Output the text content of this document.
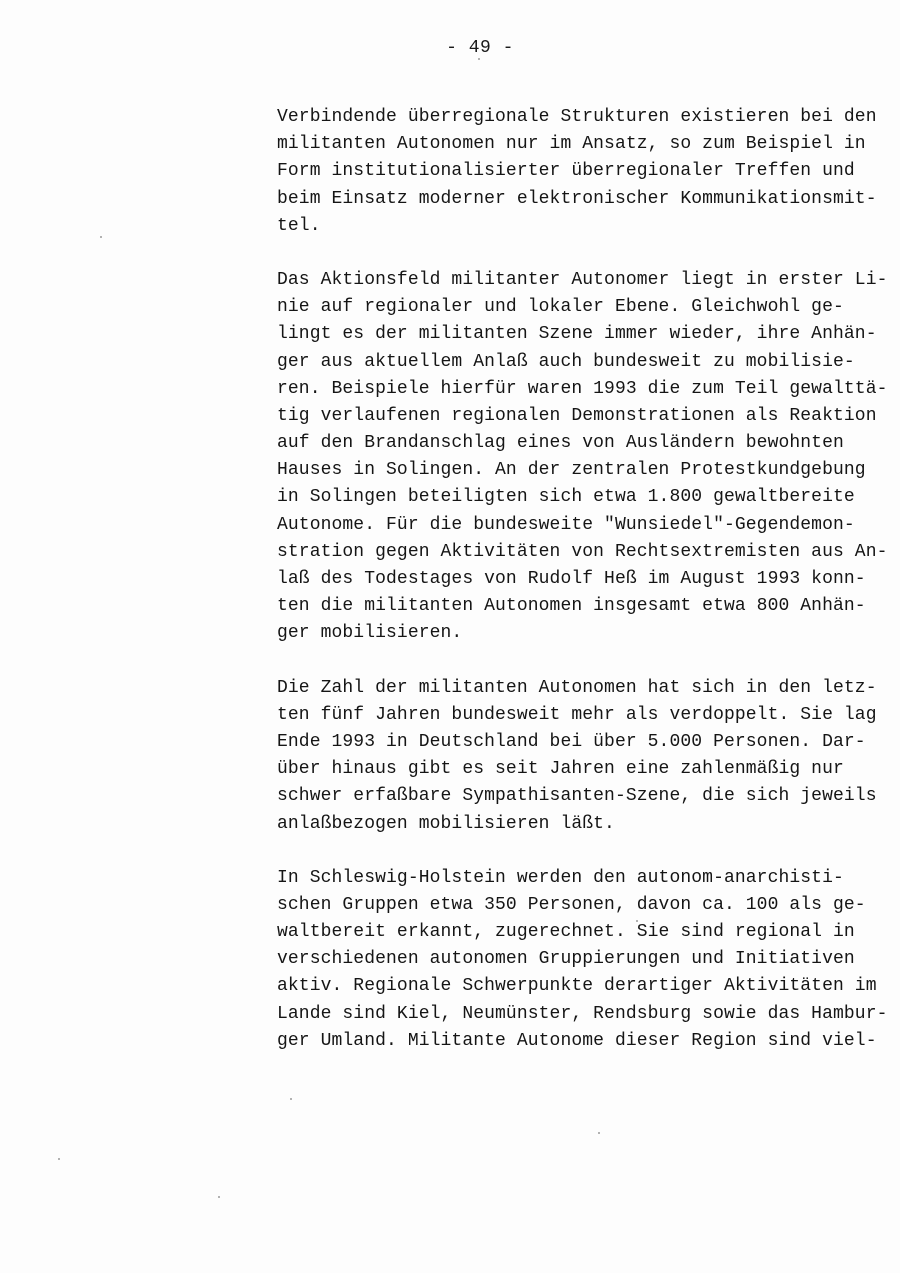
- 49 -
Verbindende überregionale Strukturen existieren bei den
militanten Autonomen nur im Ansatz, so zum Beispiel in
Form institutionalisierter überregionaler Treffen und
beim Einsatz moderner elektronischer Kommunikationsmit-
tel.
Das Aktionsfeld militanter Autonomer liegt in erster Li-
nie auf regionaler und lokaler Ebene. Gleichwohl ge-
lingt es der militanten Szene immer wieder, ihre Anhän-
ger aus aktuellem Anlaß auch bundesweit zu mobilisie-
ren. Beispiele hierfür waren 1993 die zum Teil gewalttä-
tig verlaufenen regionalen Demonstrationen als Reaktion
auf den Brandanschlag eines von Ausländern bewohnten
Hauses in Solingen. An der zentralen Protestkundgebung
in Solingen beteiligten sich etwa 1.800 gewaltbereite
Autonome. Für die bundesweite "Wunsiedel"-Gegendemon-
stration gegen Aktivitäten von Rechtsextremisten aus An-
laß des Todestages von Rudolf Heß im August 1993 konn-
ten die militanten Autonomen insgesamt etwa 800 Anhän-
ger mobilisieren.
Die Zahl der militanten Autonomen hat sich in den letz-
ten fünf Jahren bundesweit mehr als verdoppelt. Sie lag
Ende 1993 in Deutschland bei über 5.000 Personen. Dar-
über hinaus gibt es seit Jahren eine zahlenmäßig nur
schwer erfaßbare Sympathisanten-Szene, die sich jeweils
anlaßbezogen mobilisieren läßt.
In Schleswig-Holstein werden den autonom-anarchisti-
schen Gruppen etwa 350 Personen, davon ca. 100 als ge-
waltbereit erkannt, zugerechnet. Sie sind regional in
verschiedenen autonomen Gruppierungen und Initiativen
aktiv. Regionale Schwerpunkte derartiger Aktivitäten im
Lande sind Kiel, Neumünster, Rendsburg sowie das Hambur-
ger Umland. Militante Autonome dieser Region sind viel-
